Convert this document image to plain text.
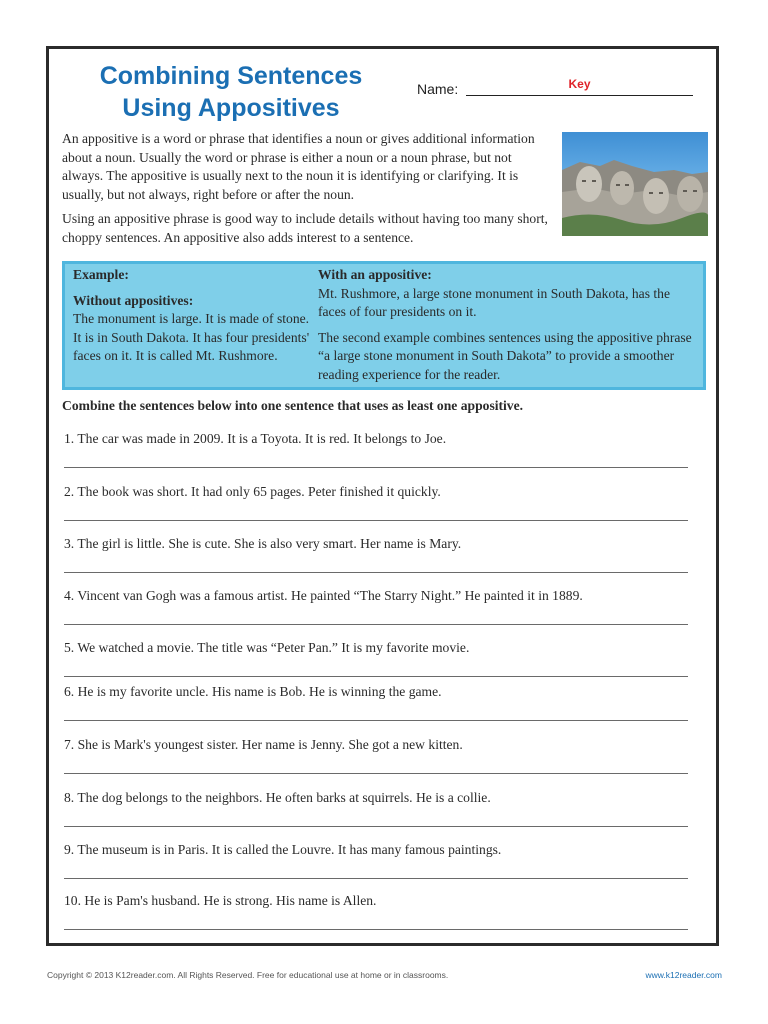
Combining Sentences
Using Appositives
Name:	Key

An appositive is a word or phrase that identifies a noun or gives additional information about a noun. Usually the word or phrase is either a noun or a noun phrase, but not always. The appositive is usually next to the noun it is identifying or clarifying. It is usually, but not always, right before or after the noun.

Using an appositive phrase is good way to include details without having too many short, choppy sentences. An appositive also adds interest to a sentence.

Example:
Without appositives:
The monument is large. It is made of stone. It is in South Dakota. It has four presidents' faces on it. It is called Mt. Rushmore.
With an appositive:
Mt. Rushmore, a large stone monument in South Dakota, has the faces of four presidents on it.
The second example combines sentences using the appositive phrase “a large stone monument in South Dakota” to provide a smoother reading experience for the reader.
Combine the sentences below into one sentence that uses as least one appositive.
1. The car was made in 2009. It is a Toyota. It is red. It belongs to Joe.
2. The book was short. It had only 65 pages. Peter finished it quickly.
3. The girl is little. She is cute. She is also very smart. Her name is Mary.
4. Vincent van Gogh was a famous artist. He painted “The Starry Night.” He painted it in 1889.
5. We watched a movie. The title was “Peter Pan.” It is my favorite movie.
6. He is my favorite uncle. His name is Bob. He is winning the game.
7. She is Mark's youngest sister. Her name is Jenny. She got a new kitten.
8. The dog belongs to the neighbors. He often barks at squirrels. He is a collie.
9. The museum is in Paris. It is called the Louvre. It has many famous paintings.
10. He is Pam's husband. He is strong. His name is Allen.
Copyright © 2013 K12reader.com. All Rights Reserved. Free for educational use at home or in classrooms.	www.k12reader.com
